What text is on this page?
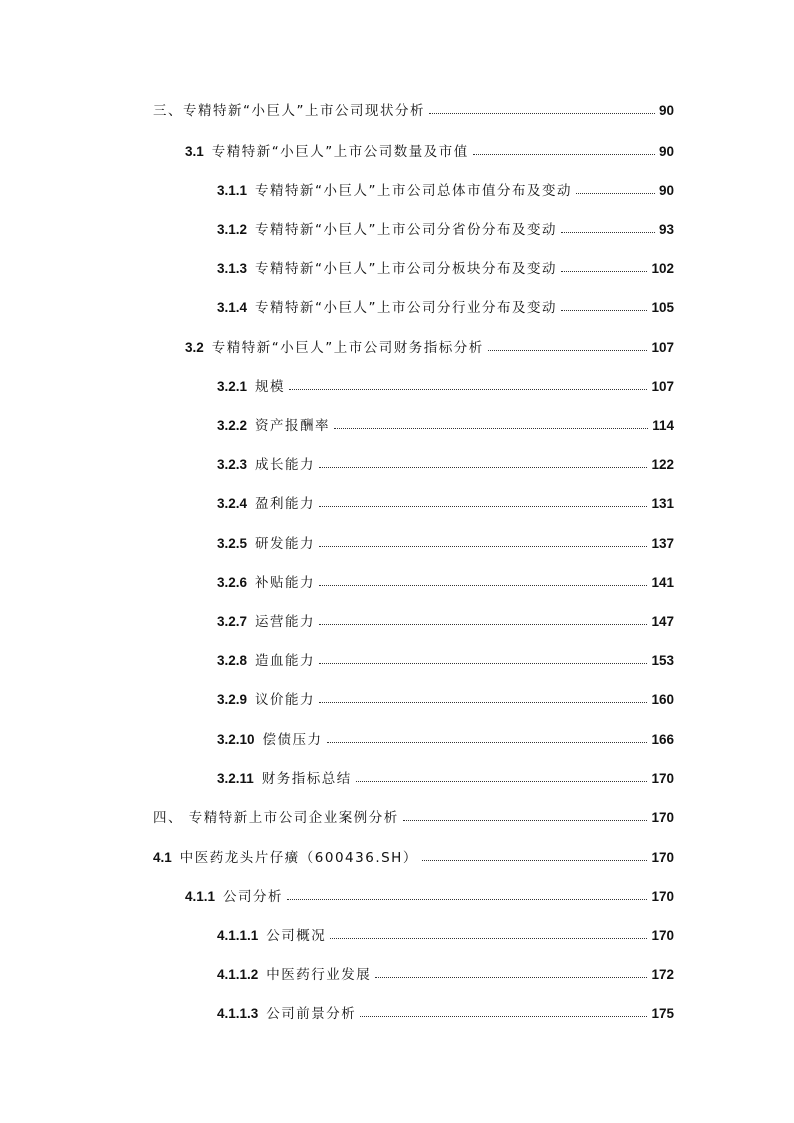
三、专精特新“小巨人”上市公司现状分析	90
3.1 专精特新“小巨人”上市公司数量及市值	90
3.1.1 专精特新“小巨人”上市公司总体市值分布及变动	90
3.1.2 专精特新“小巨人”上市公司分省份分布及变动	93
3.1.3 专精特新“小巨人”上市公司分板块分布及变动	102
3.1.4 专精特新“小巨人”上市公司分行业分布及变动	105
3.2 专精特新“小巨人”上市公司财务指标分析	107
3.2.1 规模	107
3.2.2 资产报酬率	114
3.2.3 成长能力	122
3.2.4 盈利能力	131
3.2.5 研发能力	137
3.2.6 补贴能力	141
3.2.7 运营能力	147
3.2.8 造血能力	153
3.2.9 议价能力	160
3.2.10 偿债压力	166
3.2.11 财务指标总结	170
四、 专精特新上市公司企业案例分析	170
4.1 中医药龙头片仔癀（600436.SH）	170
4.1.1 公司分析	170
4.1.1.1 公司概况	170
4.1.1.2 中医药行业发展	172
4.1.1.3 公司前景分析	175
